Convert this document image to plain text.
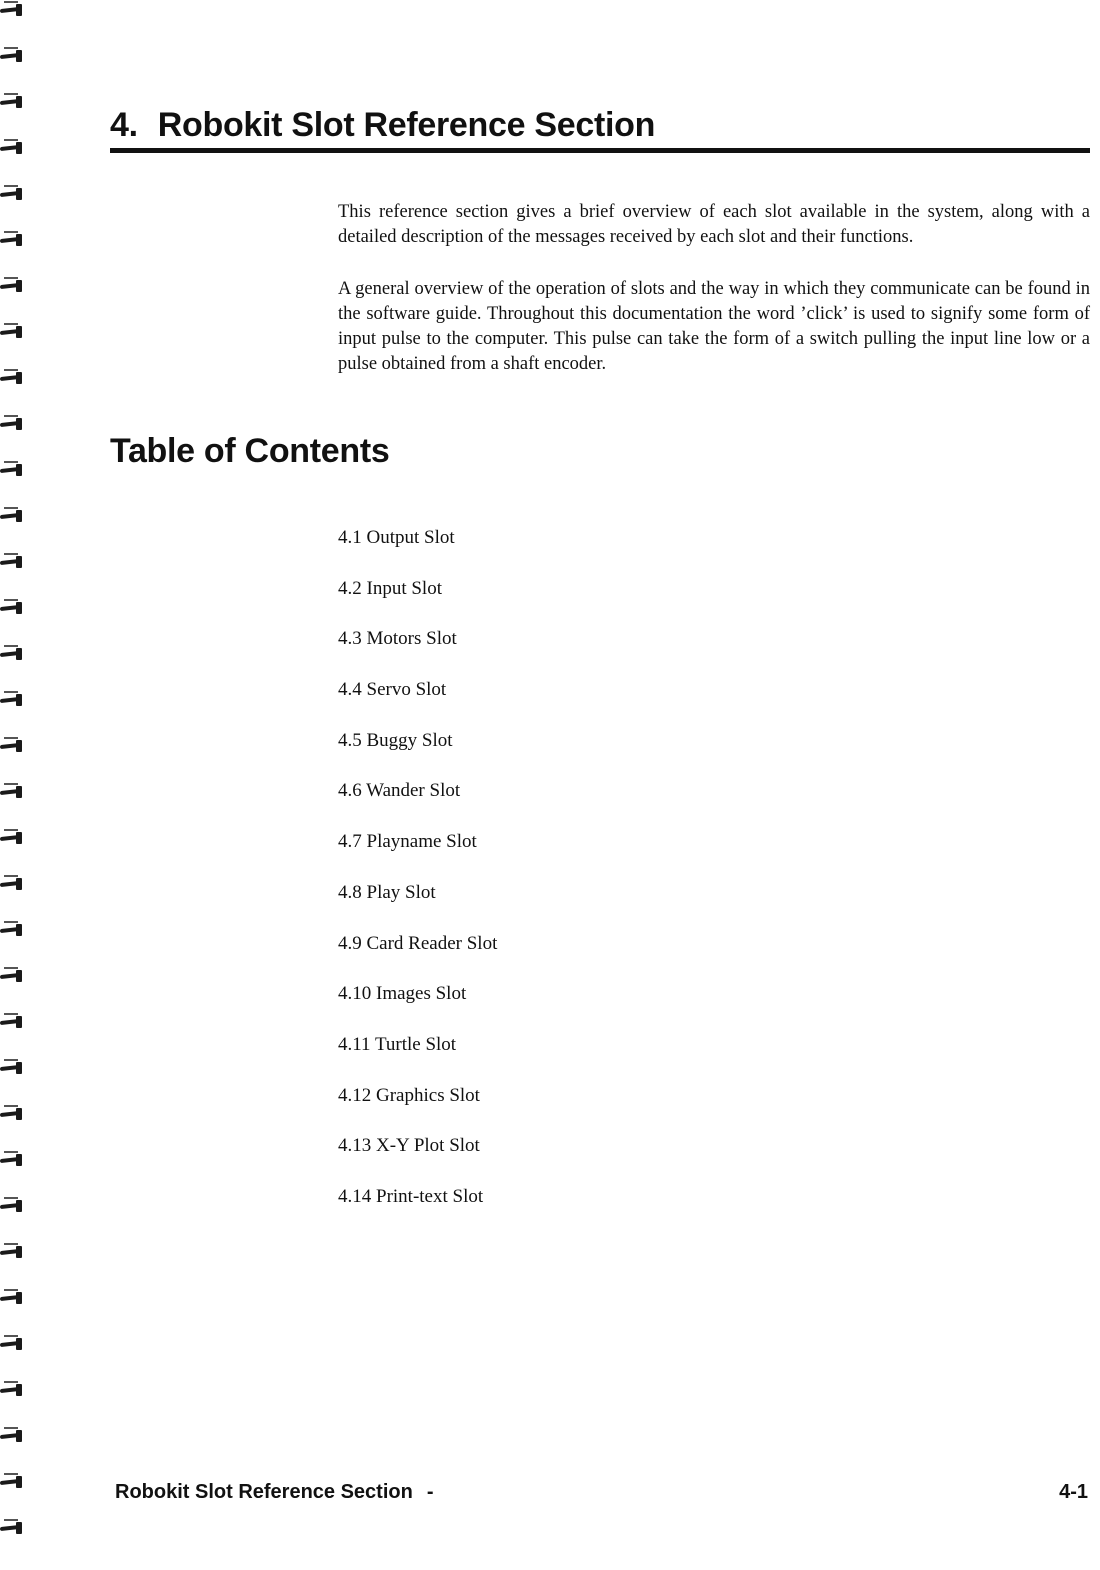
4. Robokit Slot Reference Section

This reference section gives a brief overview of each slot available in the system, along with a detailed description of the messages received by each slot and their functions.

A general overview of the operation of slots and the way in which they communicate can be found in the software guide. Throughout this documentation the word ’click’ is used to signify some form of input pulse to the computer. This pulse can take the form of a switch pulling the input line low or a pulse obtained from a shaft encoder.

Table of Contents
4.1 Output Slot
4.2 Input Slot
4.3 Motors Slot
4.4 Servo Slot
4.5 Buggy Slot
4.6 Wander Slot
4.7 Playname Slot
4.8 Play Slot
4.9 Card Reader Slot
4.10 Images Slot
4.11 Turtle Slot
4.12 Graphics Slot
4.13 X-Y Plot Slot
4.14 Print-text Slot
Robokit Slot Reference Section -	4-1
